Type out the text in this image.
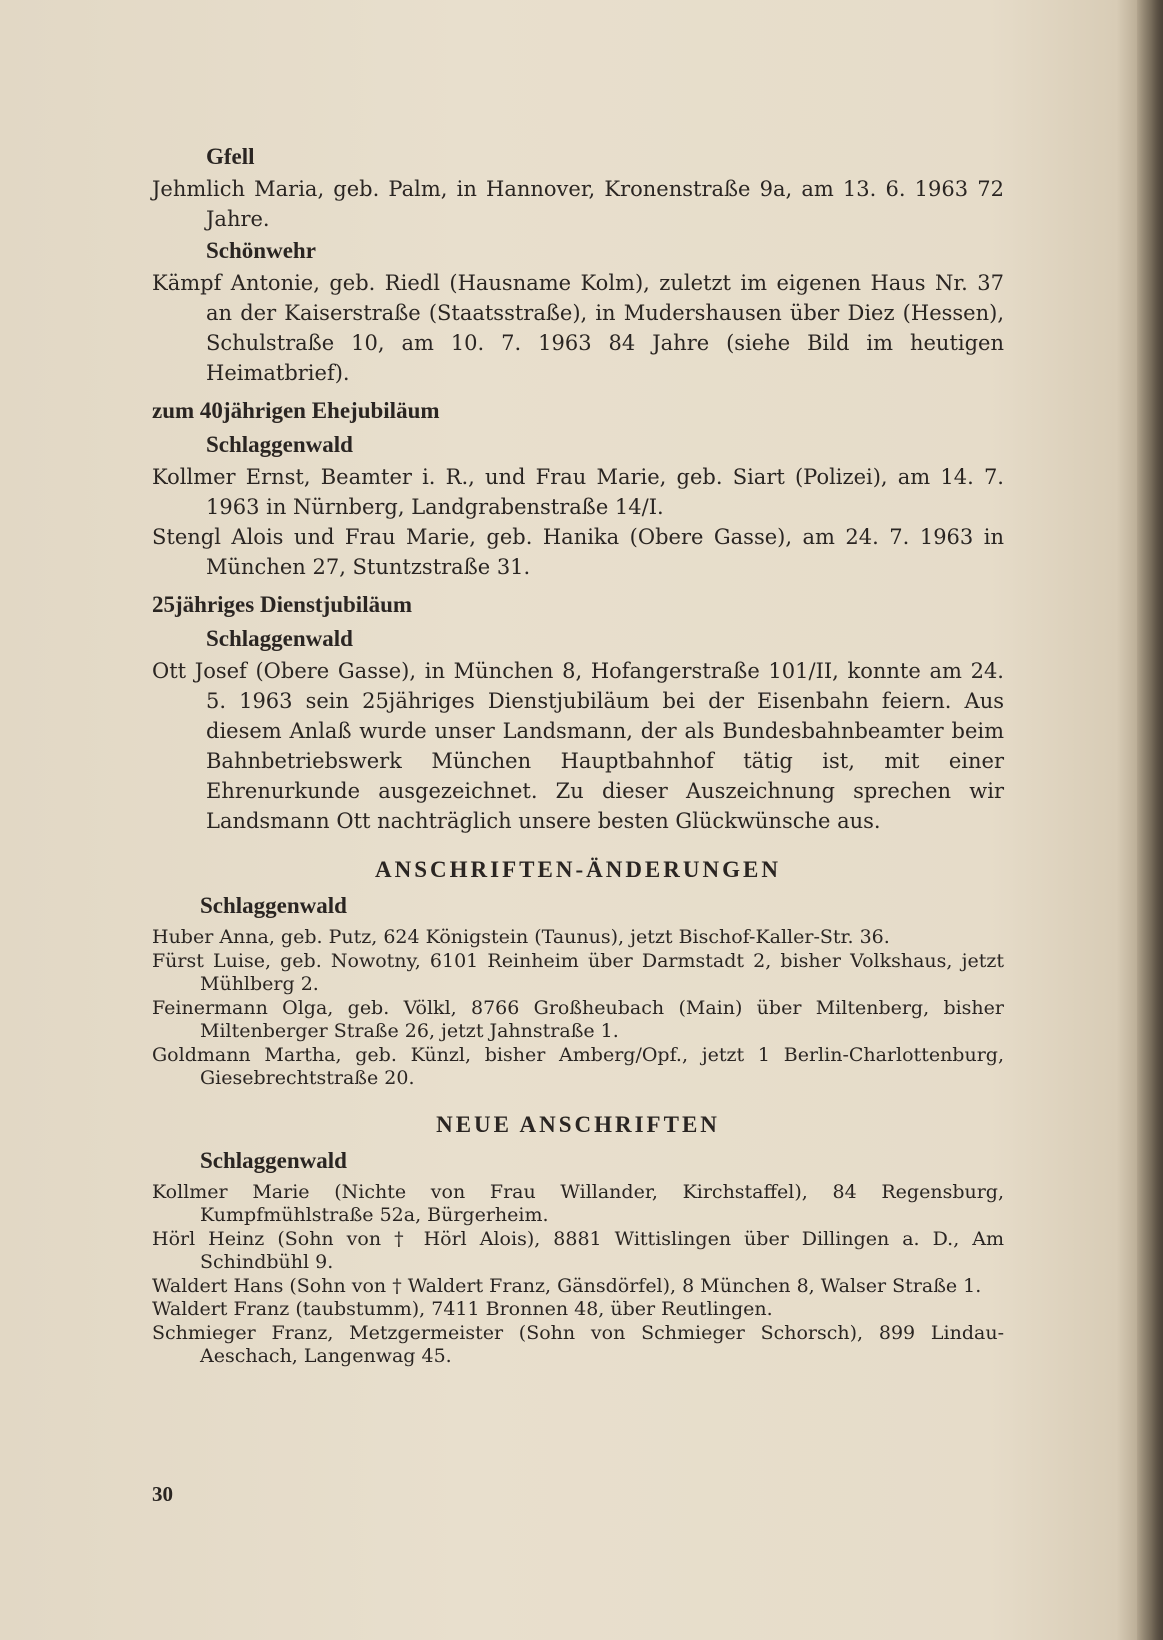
Gfell
Jehmlich Maria, geb. Palm, in Hannover, Kronenstraße 9a, am 13. 6. 1963 72 Jahre.
Schönwehr
Kämpf Antonie, geb. Riedl (Hausname Kolm), zuletzt im eigenen Haus Nr. 37 an der Kaiserstraße (Staatsstraße), in Mudershausen über Diez (Hessen), Schulstraße 10, am 10. 7. 1963 84 Jahre (siehe Bild im heutigen Heimatbrief).
zum 40jährigen Ehejubiläum
Schlaggenwald
Kollmer Ernst, Beamter i. R., und Frau Marie, geb. Siart (Polizei), am 14. 7. 1963 in Nürnberg, Landgrabenstraße 14/I.
Stengl Alois und Frau Marie, geb. Hanika (Obere Gasse), am 24. 7. 1963 in München 27, Stuntzstraße 31.
25jähriges Dienstjubiläum
Schlaggenwald
Ott Josef (Obere Gasse), in München 8, Hofangerstraße 101/II, konnte am 24. 5. 1963 sein 25jähriges Dienstjubiläum bei der Eisenbahn feiern. Aus diesem Anlaß wurde unser Landsmann, der als Bundesbahnbeamter beim Bahnbetriebswerk München Hauptbahnhof tätig ist, mit einer Ehrenurkunde ausgezeichnet. Zu dieser Auszeichnung sprechen wir Landsmann Ott nachträglich unsere besten Glückwünsche aus.
ANSCHRIFTEN-ÄNDERUNGEN
Schlaggenwald
Huber Anna, geb. Putz, 624 Königstein (Taunus), jetzt Bischof-Kaller-Str. 36.
Fürst Luise, geb. Nowotny, 6101 Reinheim über Darmstadt 2, bisher Volkshaus, jetzt Mühlberg 2.
Feinermann Olga, geb. Völkl, 8766 Großheubach (Main) über Miltenberg, bisher Miltenberger Straße 26, jetzt Jahnstraße 1.
Goldmann Martha, geb. Künzl, bisher Amberg/Opf., jetzt 1 Berlin-Charlottenburg, Giesebrechtstraße 20.
NEUE ANSCHRIFTEN
Schlaggenwald
Kollmer Marie (Nichte von Frau Willander, Kirchstaffel), 84 Regensburg, Kumpfmühlstraße 52a, Bürgerheim.
Hörl Heinz (Sohn von † Hörl Alois), 8881 Wittislingen über Dillingen a. D., Am Schindbühl 9.
Waldert Hans (Sohn von † Waldert Franz, Gänsdörfel), 8 München 8, Walser Straße 1.
Waldert Franz (taubstumm), 7411 Bronnen 48, über Reutlingen.
Schmieger Franz, Metzgermeister (Sohn von Schmieger Schorsch), 899 Lindau-Aeschach, Langenwag 45.
30
